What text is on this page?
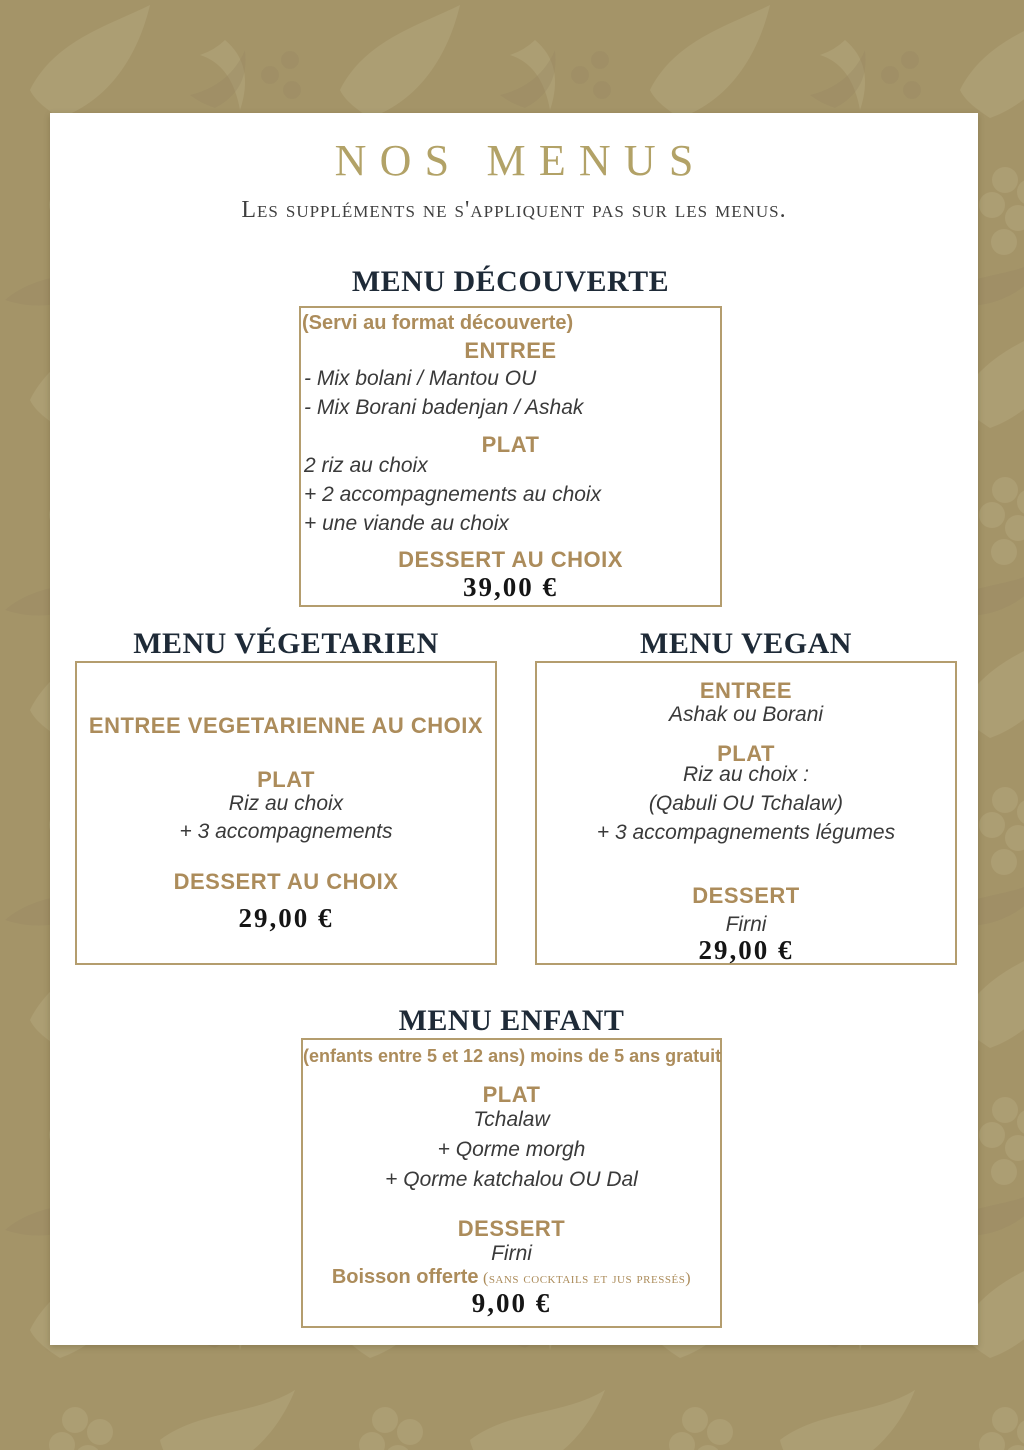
NOS MENUS
Les suppléments ne s'appliquent pas sur les menus.
MENU DÉCOUVERTE
(Servi au format découverte)
ENTREE
- Mix bolani / Mantou OU
- Mix Borani badenjan / Ashak
PLAT
2 riz au choix
+ 2 accompagnements au choix
+ une viande au choix
DESSERT AU CHOIX
39,00 €
MENU VÉGETARIEN
ENTREE VEGETARIENNE AU CHOIX
PLAT
Riz au choix
+ 3 accompagnements
DESSERT AU CHOIX
29,00 €
MENU VEGAN
ENTREE
Ashak ou Borani
PLAT
Riz au choix :
(Qabuli OU Tchalaw)
+ 3 accompagnements légumes
DESSERT
Firni
29,00 €
MENU ENFANT
(enfants entre 5 et 12 ans) moins de 5 ans gratuit
PLAT
Tchalaw
+ Qorme morgh
+ Qorme katchalou OU Dal
DESSERT
Firni
Boisson offerte (sans cocktails et jus pressés)
9,00 €
